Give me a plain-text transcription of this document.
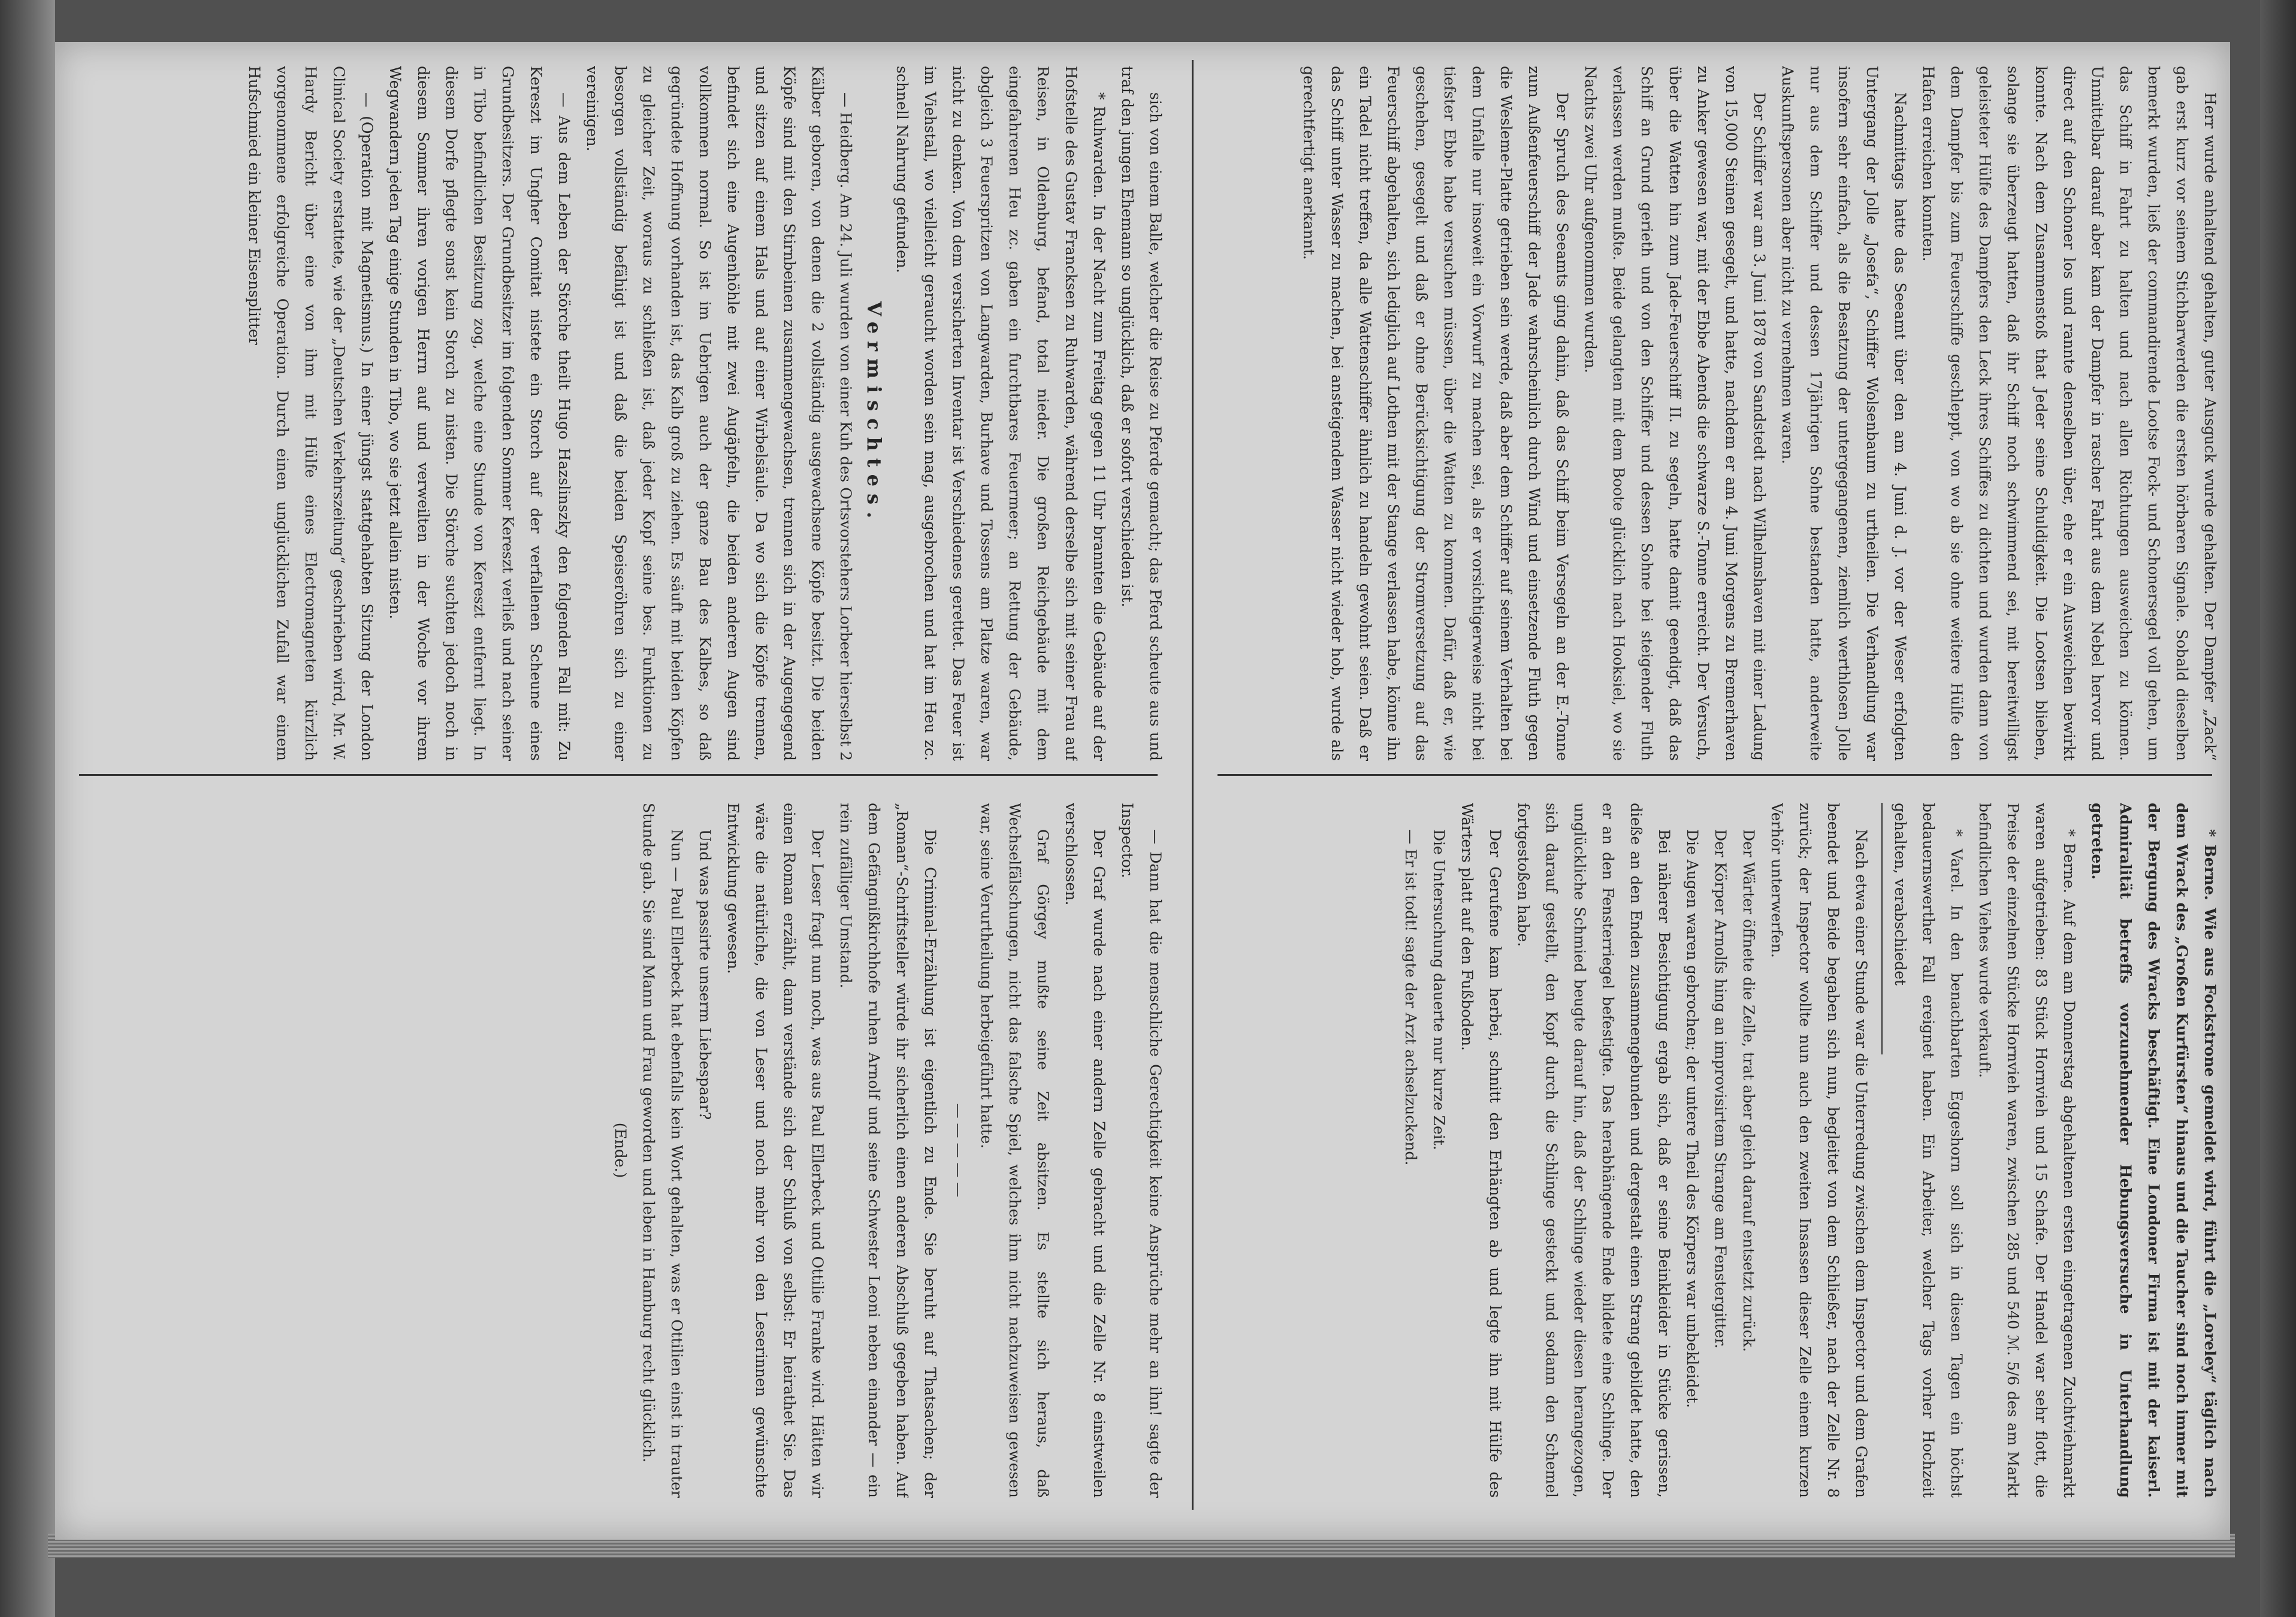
Herr wurde anhaltend gehalten, guter Ausguck wurde gehalten. Der Dampfer „Zack“ gab erst kurz vor seinem Stichbarwerden die ersten hörbaren Signale. Sobald dieselben bemerkt wurden, ließ der commandirende Lootse Fock- und Schonersegel voll gehen, um das Schiff in Fahrt zu halten und nach allen Richtungen ausweichen zu können. Unmittelbar darauf aber kam der Dampfer in rascher Fahrt aus dem Nebel hervor und direct auf den Schoner los und rannte denselben über, ehe er ein Ausweichen bewirkt konnte. Nach dem Zusammenstoß that Jeder seine Schuldigkeit. Die Lootsen blieben, solange sie überzeugt hatten, daß ihr Schiff noch schwimmend sei, mit bereitwilligst geleisteter Hülfe des Dampfers den Leck ihres Schiffes zu dichten und wurden dann von dem Dampfer bis zum Feuerschiffe geschleppt, von wo ab sie ohne weitere Hülfe den Hafen erreichen konnten.

Nachmittags hatte das Seeamt über den am 4. Juni d. J. vor der Weser erfolgten Untergang der Jolle „Josefa“, Schiffer Wolsenbaum zu urtheilen. Die Verhandlung war insofern sehr einfach, als die Besatzung der untergegangenen, ziemlich werthlosen Jolle nur aus dem Schiffer und dessen 17jährigen Sohne bestanden hatte, anderweite Auskunftspersonen aber nicht zu vernehmen waren.

Der Schiffer war am 3. Juni 1878 von Sandstedt nach Wilhelmshaven mit einer Ladung von 15,000 Steinen gesegelt, und hatte, nachdem er am 4. Juni Morgens zu Bremerhaven zu Anker gewesen war, mit der Ebbe Abends die schwarze S.-Tonne erreicht. Der Versuch, über die Watten hin zum Jade-Feuerschiff II. zu segeln, hatte damit geendigt, daß das Schiff an Grund gerieth und von den Schiffer und dessen Sohne bei steigender Fluth verlassen werden mußte. Beide gelangten mit dem Boote glücklich nach Hooksiel, wo sie Nachts zwei Uhr aufgenommen wurden.

Der Spruch des Seeamts ging dahin, daß das Schiff beim Versegeln an der E.-Tonne zum Außenfeuerschiff der Jade wahrscheinlich durch Wind und einsetzende Fluth gegen die Wesleme-Platte getrieben sein werde, daß aber dem Schiffer auf seinem Verhalten bei dem Unfalle nur insoweit ein Vorwurf zu machen sei, als er vorsichtigerweise nicht bei tiefster Ebbe habe versuchen müssen, über die Watten zu kommen. Dafür, daß er, wie geschehen, gesegelt und daß er ohne Berücksichtigung der Stromversetzung auf das Feuerschiff abgehalten, sich lediglich auf Lothen mit der Stange verlassen habe, könne ihn ein Tadel nicht treffen, da alle Wattenschiffer ähnlich zu handeln gewohnt seien. Daß er das Schiff unter Wasser zu machen, bei ansteigendem Wasser nicht wieder hob, wurde als gerechtfertigt anerkannt.

* Berne. Wie aus Fockstrone gemeldet wird, führt die „Loreley“ täglich nach dem Wrack des „Großen Kurfürsten“ hinaus und die Taucher sind noch immer mit der Bergung des Wracks beschäftigt. Eine Londoner Firma ist mit der kaiserl. Admiralität betreffs vorzunehmender Hebungsversuche in Unterhandlung getreten.

* Berne. Auf dem am Donnerstag abgehaltenen ersten eingetragenen Zuchtviehmarkt waren aufgetrieben: 83 Stück Hornvieh und 15 Schafe. Der Handel war sehr flott, die Preise der einzelnen Stücke Hornvieh waren, zwischen 285 und 540 ℳ. 5/6 des am Markt befindlichen Viehes wurde verkauft.

* Varel. In den benachbarten Eggeshorn soll sich in diesen Tagen ein höchst bedauernswerther Fall ereignet haben. Ein Arbeiter, welcher Tags vorher Hochzeit gehalten, verabschiedet

Nach etwa einer Stunde war die Unterredung zwischen dem Inspector und dem Grafen beendet und Beide begaben sich nun, begleitet von dem Schließer, nach der Zelle Nr. 8 zurück; der Inspector wollte nun auch den zweiten Insassen dieser Zelle einem kurzen Verhör unterwerfen.

Der Wärter öffnete die Zelle, trat aber gleich darauf entsetzt zurück.

Der Körper Arnolfs hing an improvisirtem Strange am Fenstergitter.

Die Augen waren gebrochen; der untere Theil des Körpers war unbekleidet.

Bei näherer Besichtigung ergab sich, daß er seine Beinkleider in Stücke gerissen, dieße an den Enden zusammengebunden und dergestalt einen Strang gebildet hatte, den er an den Fensterriegel befestigte. Das herabhängende Ende bildete eine Schlinge. Der unglückliche Schmied beugte darauf hin, daß der Schlinge wieder diesen herangezogen, sich darauf gestellt, den Kopf durch die Schlinge gesteckt und sodann den Schemel fortgestoßen habe.

Der Gerufene kam herbei, schnitt den Erhängten ab und legte ihn mit Hülfe des Wärters platt auf den Fußboden.

Die Untersuchung dauerte nur kurze Zeit.

— Er ist todt! sagte der Arzt achselzuckend.

sich von einem Balle, welcher die Reise zu Pferde gemacht; das Pferd scheute aus und traf den jungen Ehemann so unglücklich, daß er sofort verschieden ist.

* Ruhwarden. In der Nacht zum Freitag gegen 11 Uhr brannten die Gebäude auf der Hofstelle des Gustav Francksen zu Ruhwarden, während derselbe sich mit seiner Frau auf Reisen, in Oldenburg, befand, total nieder. Die großen Reichgebäude mit dem eingefahrenen Heu zc. gaben ein furchtbares Feuermeer; an Rettung der Gebäude, obgleich 3 Feuerspritzen von Langwarden, Burhave und Tossens am Platze waren, war nicht zu denken. Von dem versicherten Inventar ist Verschiedenes gerettet. Das Feuer ist im Viehstall, wo vielleicht geraucht worden sein mag, ausgebrochen und hat im Heu zc. schnell Nahrung gefunden.

Vermischtes.

— Heidberg. Am 24. Juli wurden von einer Kuh des Ortsvorstehers Lorbeer hierselbst 2 Kälber geboren, von denen die 2 vollständig ausgewachsene Köpfe besitzt. Die beiden Köpfe sind mit den Stirnbeinen zusammengewachsen, trennen sich in der Augengegend und sitzen auf einem Hals und auf einer Wirbelsäule. Da wo sich die Köpfe trennen, befindet sich eine Augenhöhle mit zwei Augäpfeln, die beiden anderen Augen sind vollkommen normal. So ist im Uebrigen auch der ganze Bau des Kalbes, so daß gegründete Hoffnung vorhanden ist, das Kalb groß zu ziehen. Es säuft mit beiden Köpfen zu gleicher Zeit, woraus zu schließen ist, daß jeder Kopf seine bes. Funktionen zu besorgen vollständig befähigt ist und daß die beiden Speiseröhren sich zu einer vereinigen.

— Aus dem Leben der Störche theilt Hugo Hazslinszky den folgenden Fall mit: Zu Kereszt im Ungher Comitat nistete ein Storch auf der verfallenen Scheune eines Grundbesitzers. Der Grundbesitzer im folgenden Sommer Kereszt verließ und nach seiner in Tibo befindlichen Besitzung zog, welche eine Stunde von Kereszt entfernt liegt. In diesem Dorfe pflegte sonst kein Storch zu nisten. Die Störche suchten jedoch noch in diesem Sommer ihren vorigen Herrn auf und verweilten in der Woche vor ihrem Wegwandern jeden Tag einige Stunden in Tibo, wo sie jetzt allein nisten.

— (Operation mit Magnetismus.) In einer jüngst stattgehabten Sitzung der London Clinical Society erstattete, wie der „Deutschen Verkehrszeitung“ geschrieben wird, Mr. W. Hardy Bericht über eine von ihm mit Hülfe eines Electromagneten kürzlich vorgenommene erfolgreiche Operation. Durch einen unglücklichen Zufall war einem Hufschmied ein kleiner Eisensplitter

— Dann hat die menschliche Gerechtigkeit keine Ansprüche mehr an ihn! sagte der Inspector.

Der Graf wurde nach einer andern Zelle gebracht und die Zelle Nr. 8 einstweilen verschlossen.

Graf Görgey mußte seine Zeit absitzen. Es stellte sich heraus, daß Wechselfälschungen, nicht das falsche Spiel, welches ihm nicht nachzuweisen gewesen war, seine Verurtheilung herbeigeführt hatte.

— — — — —

Die Criminal-Erzählung ist eigentlich zu Ende. Sie beruht auf Thatsachen; der „Roman“-Schriftsteller würde ihr sicherlich einen anderen Abschluß gegeben haben. Auf dem Gefängnißkirchhofe ruhen Arnolf und seine Schwester Leoni neben einander — ein rein zufälliger Umstand.

Der Leser fragt nun noch, was aus Paul Ellerbeck und Ottilie Franke wird. Hätten wir einen Roman erzählt, dann verstände sich der Schluß von selbst: Er heirathet Sie. Das wäre die natürliche, die von Leser und noch mehr von den Leserinnen gewünschte Entwicklung gewesen.

Und was passirte unserm Liebespaar?

Nun — Paul Ellerbeck hat ebenfalls kein Wort gehalten, was er Ottilien einst in trauter Stunde gab. Sie sind Mann und Frau geworden und leben in Hamburg recht glücklich.

(Ende.)
